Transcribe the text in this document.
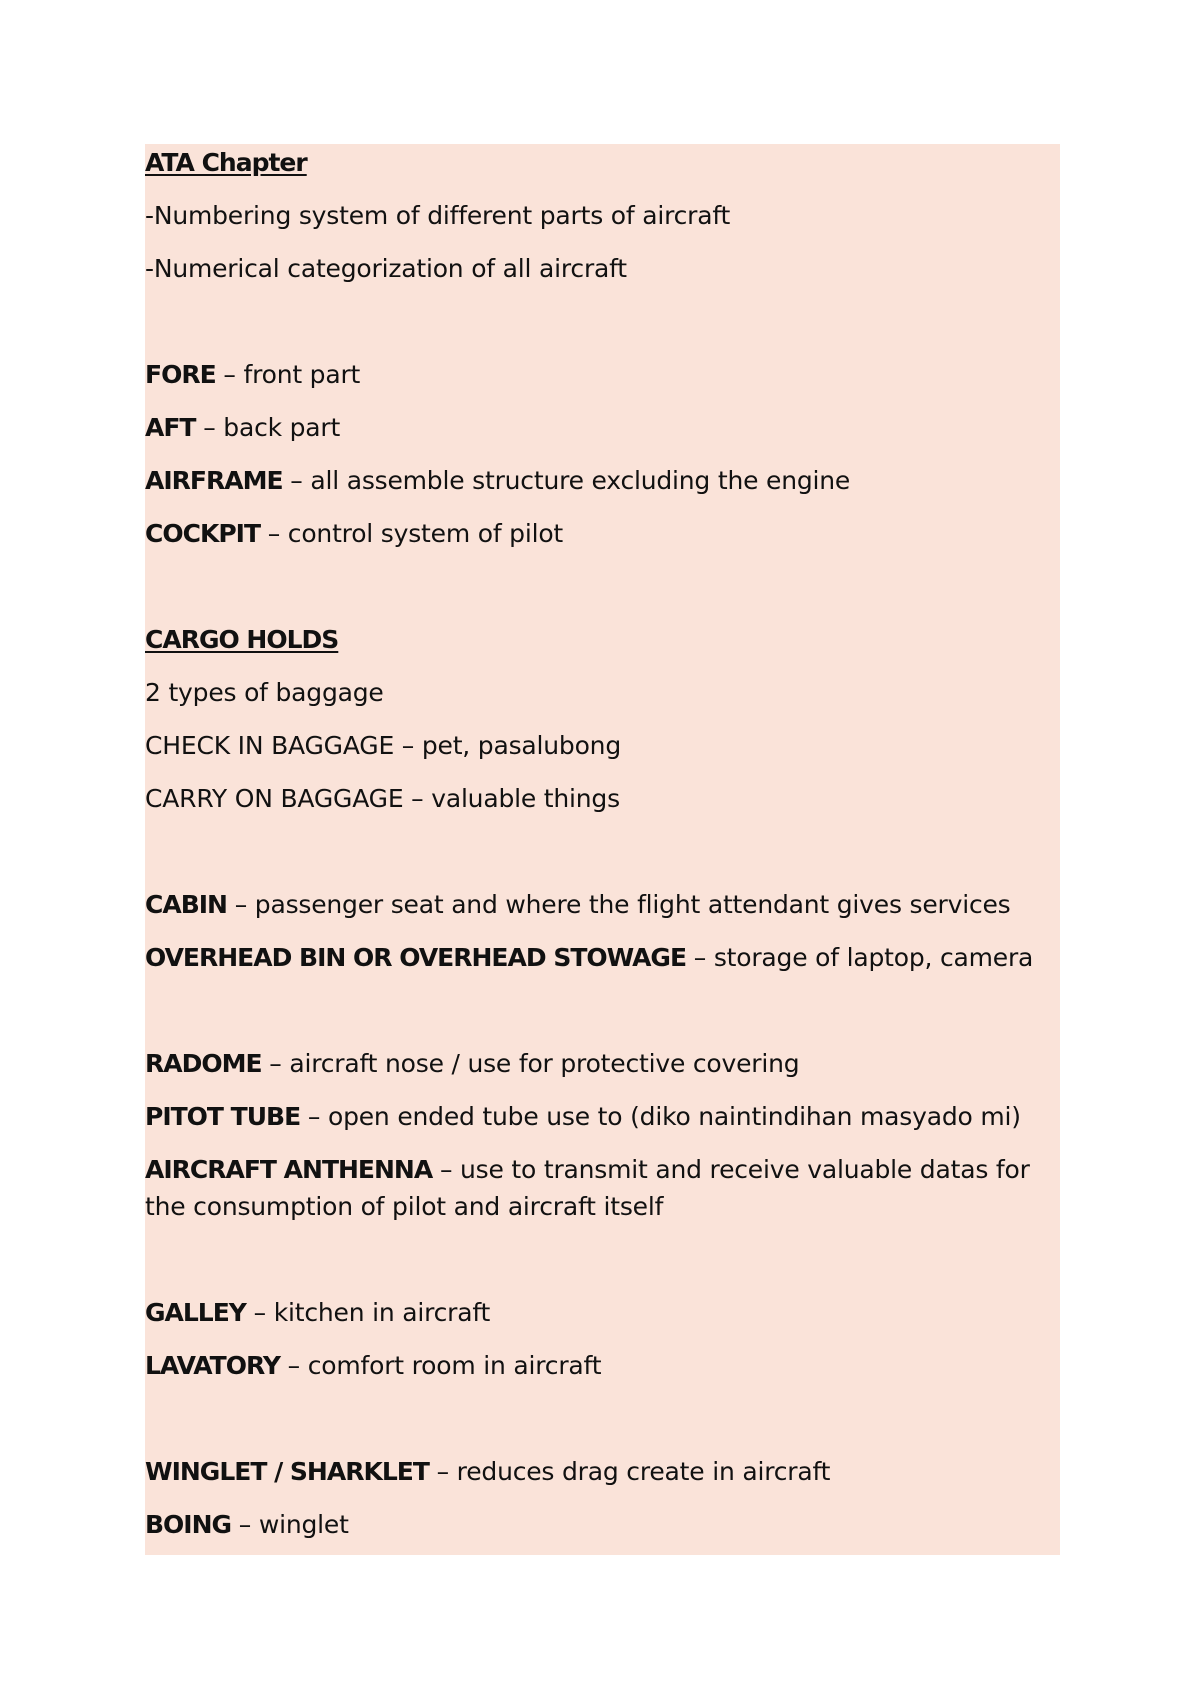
ATA Chapter

-Numbering system of different parts of aircraft

-Numerical categorization of all aircraft

FORE – front part

AFT – back part

AIRFRAME – all assemble structure excluding the engine

COCKPIT – control system of pilot

CARGO HOLDS

2 types of baggage

CHECK IN BAGGAGE – pet, pasalubong

CARRY ON BAGGAGE – valuable things

CABIN – passenger seat and where the flight attendant gives services

OVERHEAD BIN OR OVERHEAD STOWAGE – storage of laptop, camera

RADOME – aircraft nose / use for protective covering

PITOT TUBE – open ended tube use to (diko naintindihan masyado mi)

AIRCRAFT ANTHENNA – use to transmit and receive valuable datas for the consumption of pilot and aircraft itself

GALLEY – kitchen in aircraft

LAVATORY – comfort room in aircraft

WINGLET / SHARKLET – reduces drag create in aircraft

BOING – winglet
